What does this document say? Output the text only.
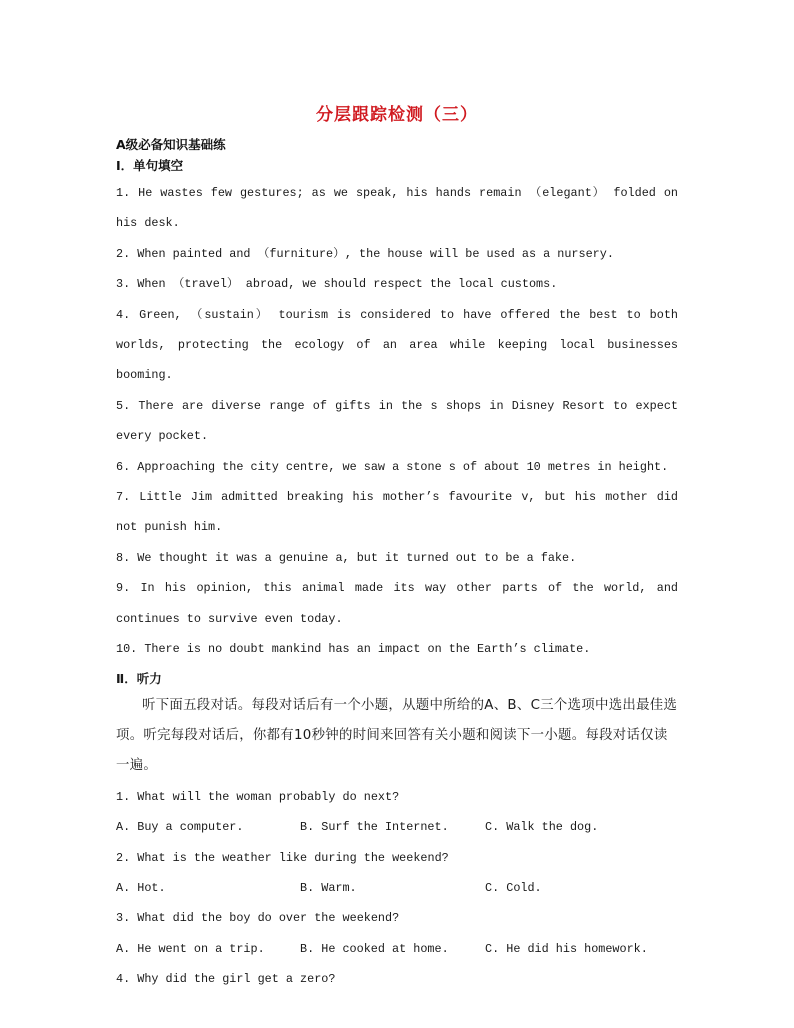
分层跟踪检测（三）
A级必备知识基础练
Ⅰ．单句填空

1. He wastes few gestures; as we speak, his hands remain （elegant） folded on his desk.

2. When painted and （furniture）, the house will be used as a nursery.

3. When （travel） abroad, we should respect the local customs.

4. Green, （sustain） tourism is considered to have offered the best to both worlds, protecting the ecology of an area while keeping local businesses booming.

5. There are diverse range of gifts in the s shops in Disney Resort to expect every pocket.

6. Approaching the city centre, we saw a stone s of about 10 metres in height.

7. Little Jim admitted breaking his mother’s favourite v, but his mother did not punish him.

8. We thought it was a genuine a, but it turned out to be a fake.

9. In his opinion, this animal made its way other parts of the world, and continues to survive even today.

10. There is no doubt mankind has an impact on the Earth’s climate.

Ⅱ．听力

听下面五段对话。每段对话后有一个小题，从题中所给的A、B、C三个选项中选出最佳选项。听完每段对话后，你都有10秒钟的时间来回答有关小题和阅读下一小题。每段对话仅读一遍。

1. What will the woman probably do next?

A. Buy a computer.	B. Surf the Internet.	C. Walk the dog.

2. What is the weather like during the weekend?

A. Hot.	B. Warm.	C. Cold.

3. What did the boy do over the weekend?

A. He went on a trip.	B. He cooked at home.	C. He did his homework.

4. Why did the girl get a zero?
